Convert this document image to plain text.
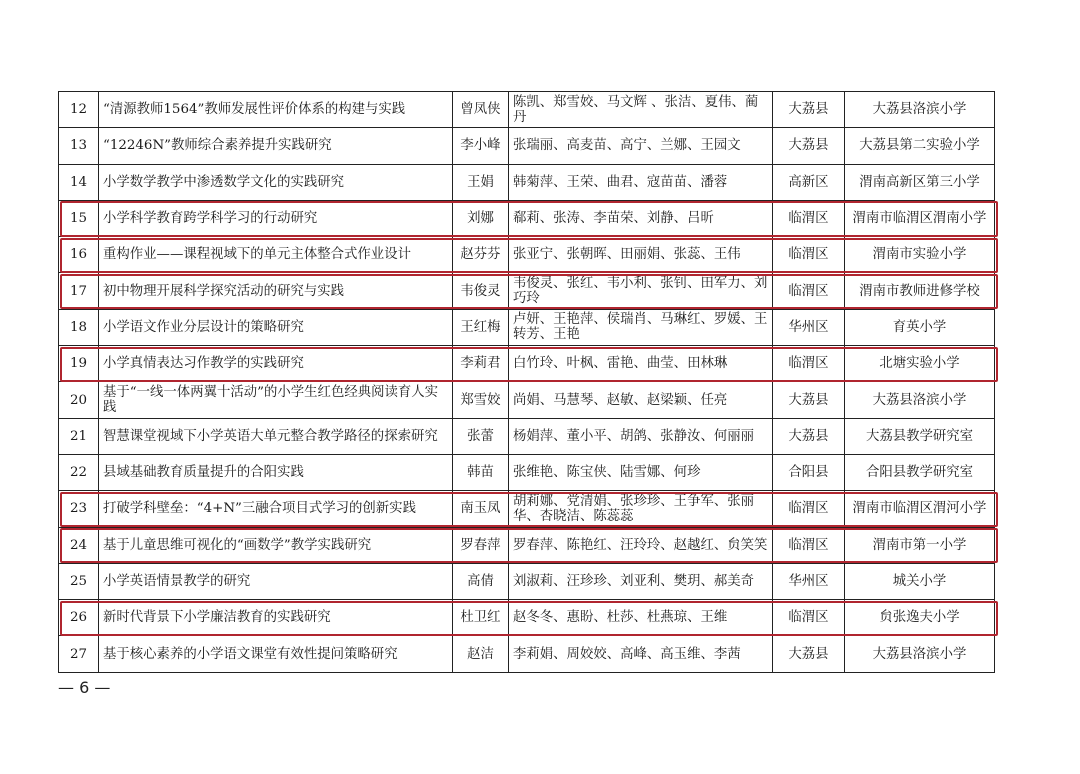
12	“清源教师1564”教师发展性评价体系的构建与实践	曾凤侠	陈凯、郑雪姣、马文辉 、张洁、夏伟、蔺丹	大荔县	大荔县洛滨小学
13	“12246N”教师综合素养提升实践研究	李小峰	张瑞丽、高麦苗、高宁、兰娜、王园文	大荔县	大荔县第二实验小学
14	小学数学教学中渗透数学文化的实践研究	王娟	韩菊萍、王荣、曲君、寇苗苗、潘蓉	高新区	渭南高新区第三小学
15	小学科学教育跨学科学习的行动研究	刘娜	郗莉、张涛、李苗荣、刘静、吕昕	临渭区	渭南市临渭区渭南小学
16	重构作业——课程视域下的单元主体整合式作业设计	赵芬芬	张亚宁、张朝晖、田丽娟、张蕊、王伟	临渭区	渭南市实验小学
17	初中物理开展科学探究活动的研究与实践	韦俊灵	韦俊灵、张红、韦小利、张钊、田军力、刘巧玲	临渭区	渭南市教师进修学校
18	小学语文作业分层设计的策略研究	王红梅	卢妍、王艳萍、侯瑞肖、马琳红、罗媛、王转芳、王艳	华州区	育英小学
19	小学真情表达习作教学的实践研究	李莉君	白竹玲、叶枫、雷艳、曲莹、田林琳	临渭区	北塘实验小学
20	基于“一线一体两翼十活动”的小学生红色经典阅读育人实践	郑雪姣	尚娟、马慧琴、赵敏、赵梁颖、任亮	大荔县	大荔县洛滨小学
21	智慧课堂视域下小学英语大单元整合教学路径的探索研究	张蕾	杨娟萍、董小平、胡鸽、张静汝、何丽丽	大荔县	大荔县教学研究室
22	县域基础教育质量提升的合阳实践	韩苗	张维艳、陈宝侠、陆雪娜、何珍	合阳县	合阳县教学研究室
23	打破学科壁垒：“4+N”三融合项目式学习的创新实践	南玉凤	胡莉娜、党清娟、张珍珍、王争军、张丽华、杏晓洁、陈蕊蕊	临渭区	渭南市临渭区渭河小学
24	基于儿童思维可视化的“画数学”教学实践研究	罗春萍	罗春萍、陈艳红、汪玲玲、赵越红、贠笑笑	临渭区	渭南市第一小学
25	小学英语情景教学的研究	高倩	刘淑莉、汪珍珍、刘亚利、樊玥、郝美奇	华州区	城关小学
26	新时代背景下小学廉洁教育的实践研究	杜卫红	赵冬冬、惠盼、杜莎、杜燕琼、王维	临渭区	贠张逸夫小学
27	基于核心素养的小学语文课堂有效性提问策略研究	赵洁	李莉娟、周姣姣、高峰、高玉维、李茜	大荔县	大荔县洛滨小学
— 6 —
